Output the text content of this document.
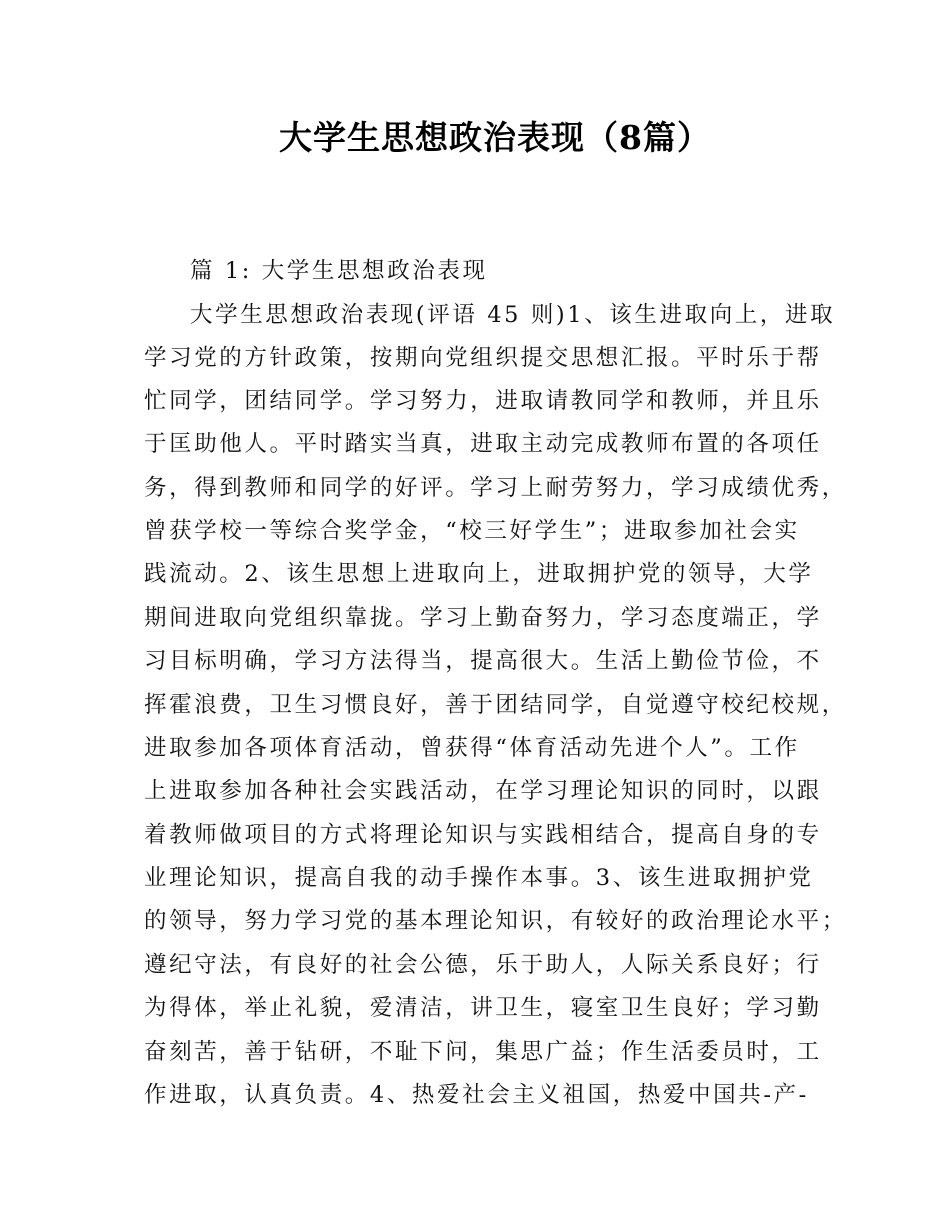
大学生思想政治表现（8篇）
篇 1: 大学生思想政治表现
大学生思想政治表现(评语 45 则)1、该生进取向上，进取
学习党的方针政策，按期向党组织提交思想汇报。平时乐于帮
忙同学，团结同学。学习努力，进取请教同学和教师，并且乐
于匡助他人。平时踏实当真，进取主动完成教师布置的各项任
务，得到教师和同学的好评。学习上耐劳努力，学习成绩优秀，
曾获学校一等综合奖学金，“校三好学生”；进取参加社会实
践流动。2、该生思想上进取向上，进取拥护党的领导，大学
期间进取向党组织靠拢。学习上勤奋努力，学习态度端正，学
习目标明确，学习方法得当，提高很大。生活上勤俭节俭，不
挥霍浪费，卫生习惯良好，善于团结同学，自觉遵守校纪校规，
进取参加各项体育活动，曾获得“体育活动先进个人”。工作
上进取参加各种社会实践活动，在学习理论知识的同时，以跟
着教师做项目的方式将理论知识与实践相结合，提高自身的专
业理论知识，提高自我的动手操作本事。3、该生进取拥护党
的领导，努力学习党的基本理论知识，有较好的政治理论水平；
遵纪守法，有良好的社会公德，乐于助人，人际关系良好；行
为得体，举止礼貌，爱清洁，讲卫生，寝室卫生良好；学习勤
奋刻苦，善于钻研，不耻下问，集思广益；作生活委员时，工
作进取，认真负责。4、热爱社会主义祖国，热爱中国共-产-
